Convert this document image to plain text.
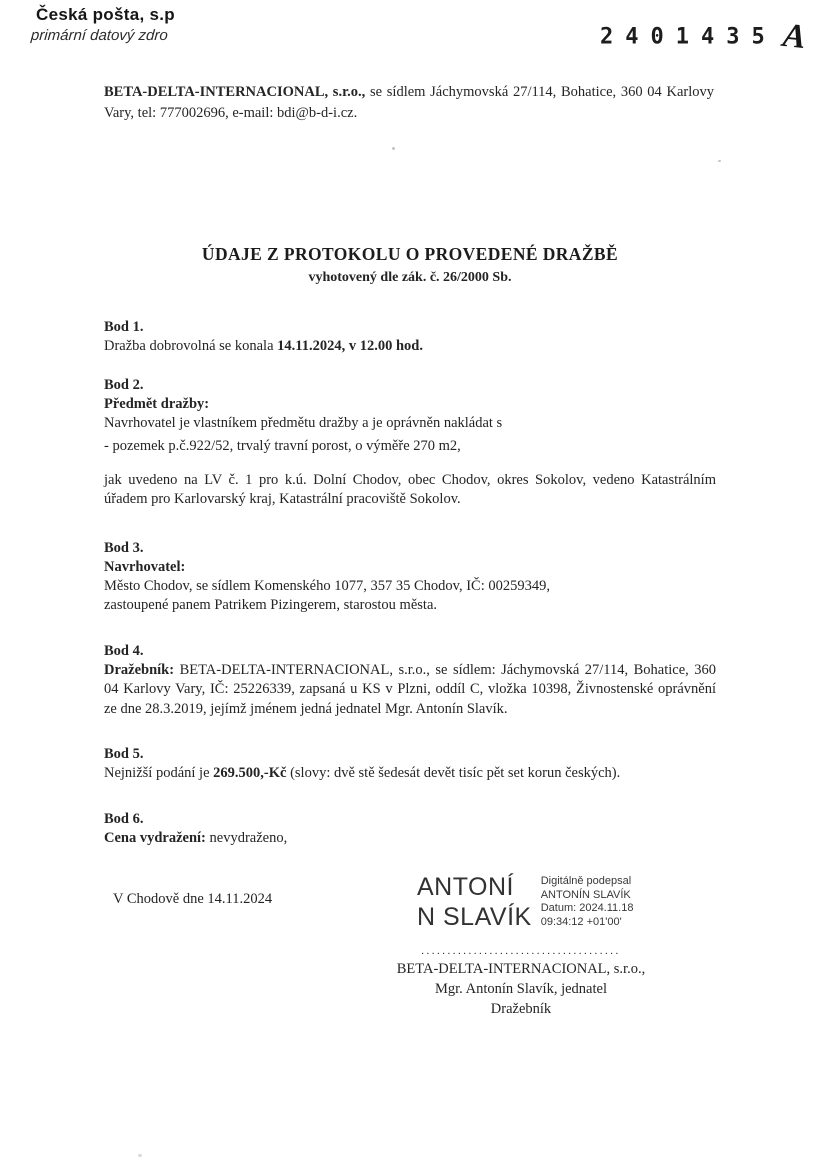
Česká pošta, s.p
primární datový zdro	2401435 A

BETA-DELTA-INTERNACIONAL, s.r.o., se sídlem Jáchymovská 27/114, Bohatice, 360 04 Karlovy Vary, tel: 777002696, e-mail: bdi@b-d-i.cz.

ÚDAJE Z PROTOKOLU O PROVEDENÉ DRAŽBĚ
vyhotovený dle zák. č. 26/2000 Sb.
Bod 1.

Dražba dobrovolná se konala 14.11.2024, v 12.00 hod.

Bod 2.
Předmět dražby:

Navrhovatel je vlastníkem předmětu dražby a je oprávněn nakládat s

- pozemek p.č.922/52, trvalý travní porost, o výměře 270 m2,

jak uvedeno na LV č. 1 pro k.ú. Dolní Chodov, obec Chodov, okres Sokolov, vedeno Katastrálním úřadem pro Karlovarský kraj, Katastrální pracoviště Sokolov.

Bod 3.
Navrhovatel:

Město Chodov, se sídlem Komenského 1077, 357 35 Chodov, IČ: 00259349,

zastoupené panem Patrikem Pizingerem, starostou města.

Bod 4.

Dražebník: BETA-DELTA-INTERNACIONAL, s.r.o., se sídlem: Jáchymovská 27/114, Bohatice, 360 04 Karlovy Vary, IČ: 25226339, zapsaná u KS v Plzni, oddíl C, vložka 10398, Živnostenské oprávnění ze dne 28.3.2019, jejímž jménem jedná jednatel Mgr. Antonín Slavík.

Bod 5.

Nejnižší podání je 269.500,-Kč (slovy: dvě stě šedesát devět tisíc pět set korun českých).

Bod 6.

Cena vydražení: nevydraženo,

V Chodově dne 14.11.2024	ANTONÍ
N SLAVÍK
Digitálně podepsal
ANTONÍN SLAVÍK
Datum: 2024.11.18
09:34:12 +01'00'
......................................
BETA-DELTA-INTERNACIONAL, s.r.o.,
Mgr. Antonín Slavík, jednatel
Dražebník
